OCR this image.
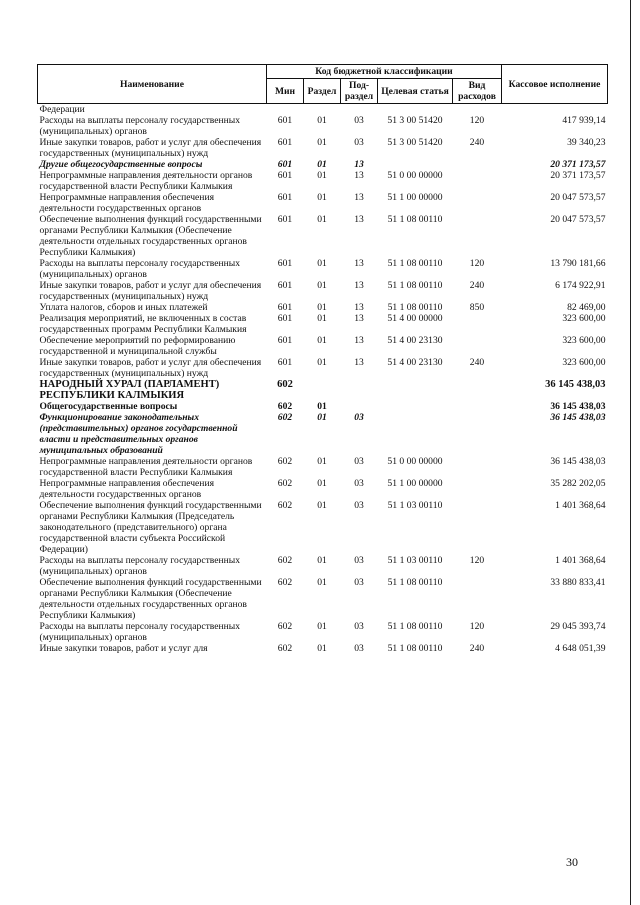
Наименование	Код бюджетной классификации					Кассовое исполнение
	Мин	Раздел	Под-раздел	Целевая статья	Вид расходов	
Федерации						
Расходы на выплаты персоналу государственных (муниципальных) органов	601	01	03	51 3 00 51420	120	417 939,14
Иные закупки товаров, работ и услуг для обеспечения государственных (муниципальных) нужд	601	01	03	51 3 00 51420	240	39 340,23
Другие общегосударственные вопросы	601	01	13			20 371 173,57
Непрограммные направления деятельности органов государственной власти Республики Калмыкия	601	01	13	51 0 00 00000		20 371 173,57
Непрограммные направления обеспечения деятельности государственных органов	601	01	13	51 1 00 00000		20 047 573,57
Обеспечение выполнения функций государственными органами Республики Калмыкия (Обеспечение деятельности отдельных государственных органов Республики Калмыкия)	601	01	13	51 1 08 00110		20 047 573,57
Расходы на выплаты персоналу государственных (муниципальных) органов	601	01	13	51 1 08 00110	120	13 790 181,66
Иные закупки товаров, работ и услуг для обеспечения государственных (муниципальных) нужд	601	01	13	51 1 08 00110	240	6 174 922,91
Уплата налогов, сборов и иных платежей	601	01	13	51 1 08 00110	850	82 469,00
Реализация мероприятий, не включенных в состав государственных программ Республики Калмыкия	601	01	13	51 4 00 00000		323 600,00
Обеспечение мероприятий по реформированию государственной и муниципальной службы	601	01	13	51 4 00 23130		323 600,00
Иные закупки товаров, работ и услуг для обеспечения государственных (муниципальных) нужд	601	01	13	51 4 00 23130	240	323 600,00
НАРОДНЫЙ ХУРАЛ (ПАРЛАМЕНТ) РЕСПУБЛИКИ КАЛМЫКИЯ	602					36 145 438,03
Общегосударственные вопросы	602	01				36 145 438,03
Функционирование законодательных (представительных) органов государственной власти и представительных органов муниципальных образований	602	01	03			36 145 438,03
Непрограммные направления деятельности органов государственной власти Республики Калмыкия	602	01	03	51 0 00 00000		36 145 438,03
Непрограммные направления обеспечения деятельности государственных органов	602	01	03	51 1 00 00000		35 282 202,05
Обеспечение выполнения функций государственными органами Республики Калмыкия (Председатель законодательного (представительного) органа государственной власти субъекта Российской Федерации)	602	01	03	51 1 03 00110		1 401 368,64
Расходы на выплаты персоналу государственных (муниципальных) органов	602	01	03	51 1 03 00110	120	1 401 368,64
Обеспечение выполнения функций государственными органами Республики Калмыкия (Обеспечение деятельности отдельных государственных органов Республики Калмыкия)	602	01	03	51 1 08 00110		33 880 833,41
Расходы на выплаты персоналу государственных (муниципальных) органов	602	01	03	51 1 08 00110	120	29 045 393,74
Иные закупки товаров, работ и услуг для	602	01	03	51 1 08 00110	240	4 648 051,39
30
